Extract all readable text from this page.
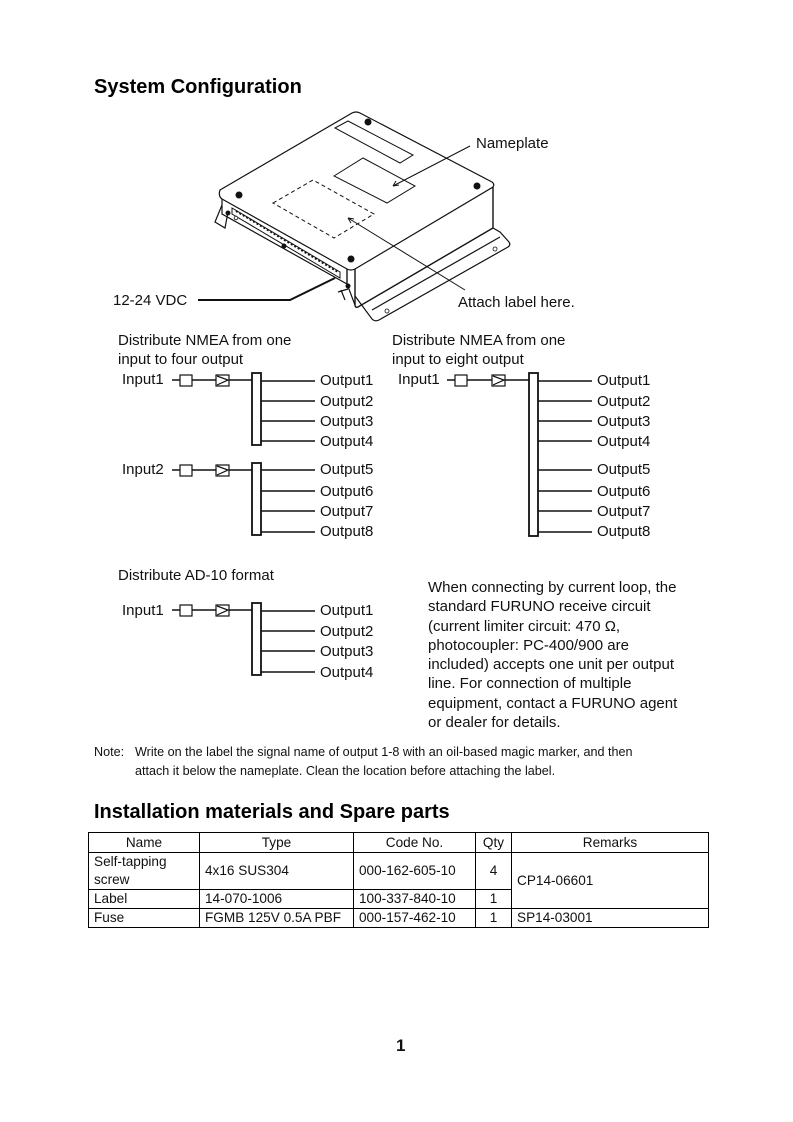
System Configuration
Nameplate
Attach label here.
12-24 VDC
Distribute NMEA from one
input to four output
Input1	Output1
Output2
Output3
Output4
Input2	Output5
Output6
Output7
Output8
Distribute NMEA from one
input to eight output
Input1	Output1
Output2
Output3
Output4
Output5
Output6
Output7
Output8
Distribute AD-10 format
Input1	Output1
Output2
Output3
Output4
When connecting by current loop, the
standard FURUNO receive circuit
(current limiter circuit: 470 Ω,
photocoupler: PC-400/900 are
included) accepts one unit per output
line. For connection of multiple
equipment, contact a FURUNO agent
or dealer for details.
Note: Write on the label the signal name of output 1-8 with an oil-based magic marker, and then
attach it below the nameplate. Clean the location before attaching the label.
Installation materials and Spare parts
Name	Type	Code No.	Qty	Remarks
Self-tapping screw	4x16 SUS304	000-162-605-10	4	CP14-06601
Label	14-070-1006	100-337-840-10	1	
Fuse	FGMB 125V 0.5A PBF	000-157-462-10	1	SP14-03001
1
